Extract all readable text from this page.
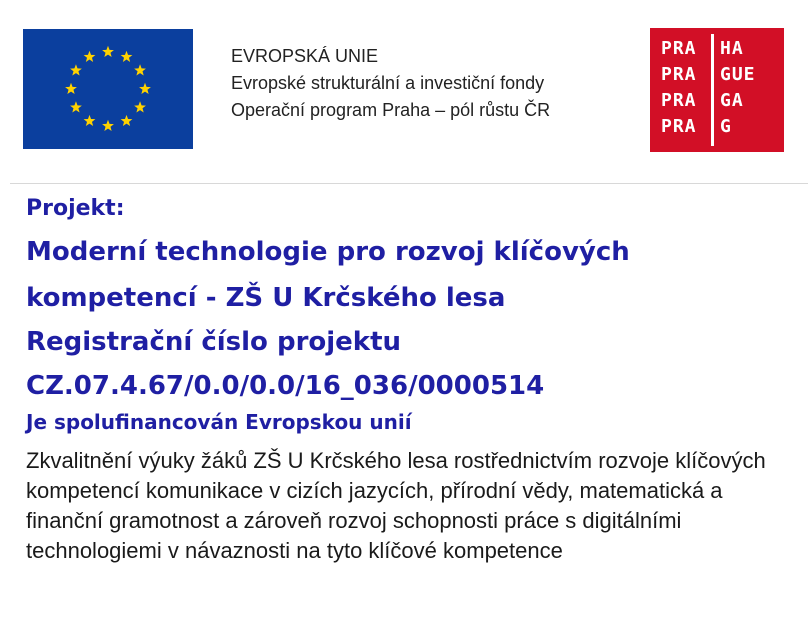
EVROPSKÁ UNIE
Evropské strukturální a investiční fondy
Operační program Praha – pól růstu ČR
PRA
PRA
PRA
PRA
HA
GUE
GA
G
Projekt:
Moderní technologie pro rozvoj klíčových
kompetencí - ZŠ U Krčského lesa
Registrační číslo projektu
CZ.07.4.67/0.0/0.0/16_036/0000514
Je spolufinancován Evropskou unií
Zkvalitnění výuky žáků ZŠ U Krčského lesa rostřednictvím rozvoje klíčových kompetencí komunikace v cizích jazycích, přírodní vědy, matematická a finanční gramotnost a zároveň rozvoj schopnosti práce s digitálními technologiemi v návaznosti na tyto klíčové kompetence
